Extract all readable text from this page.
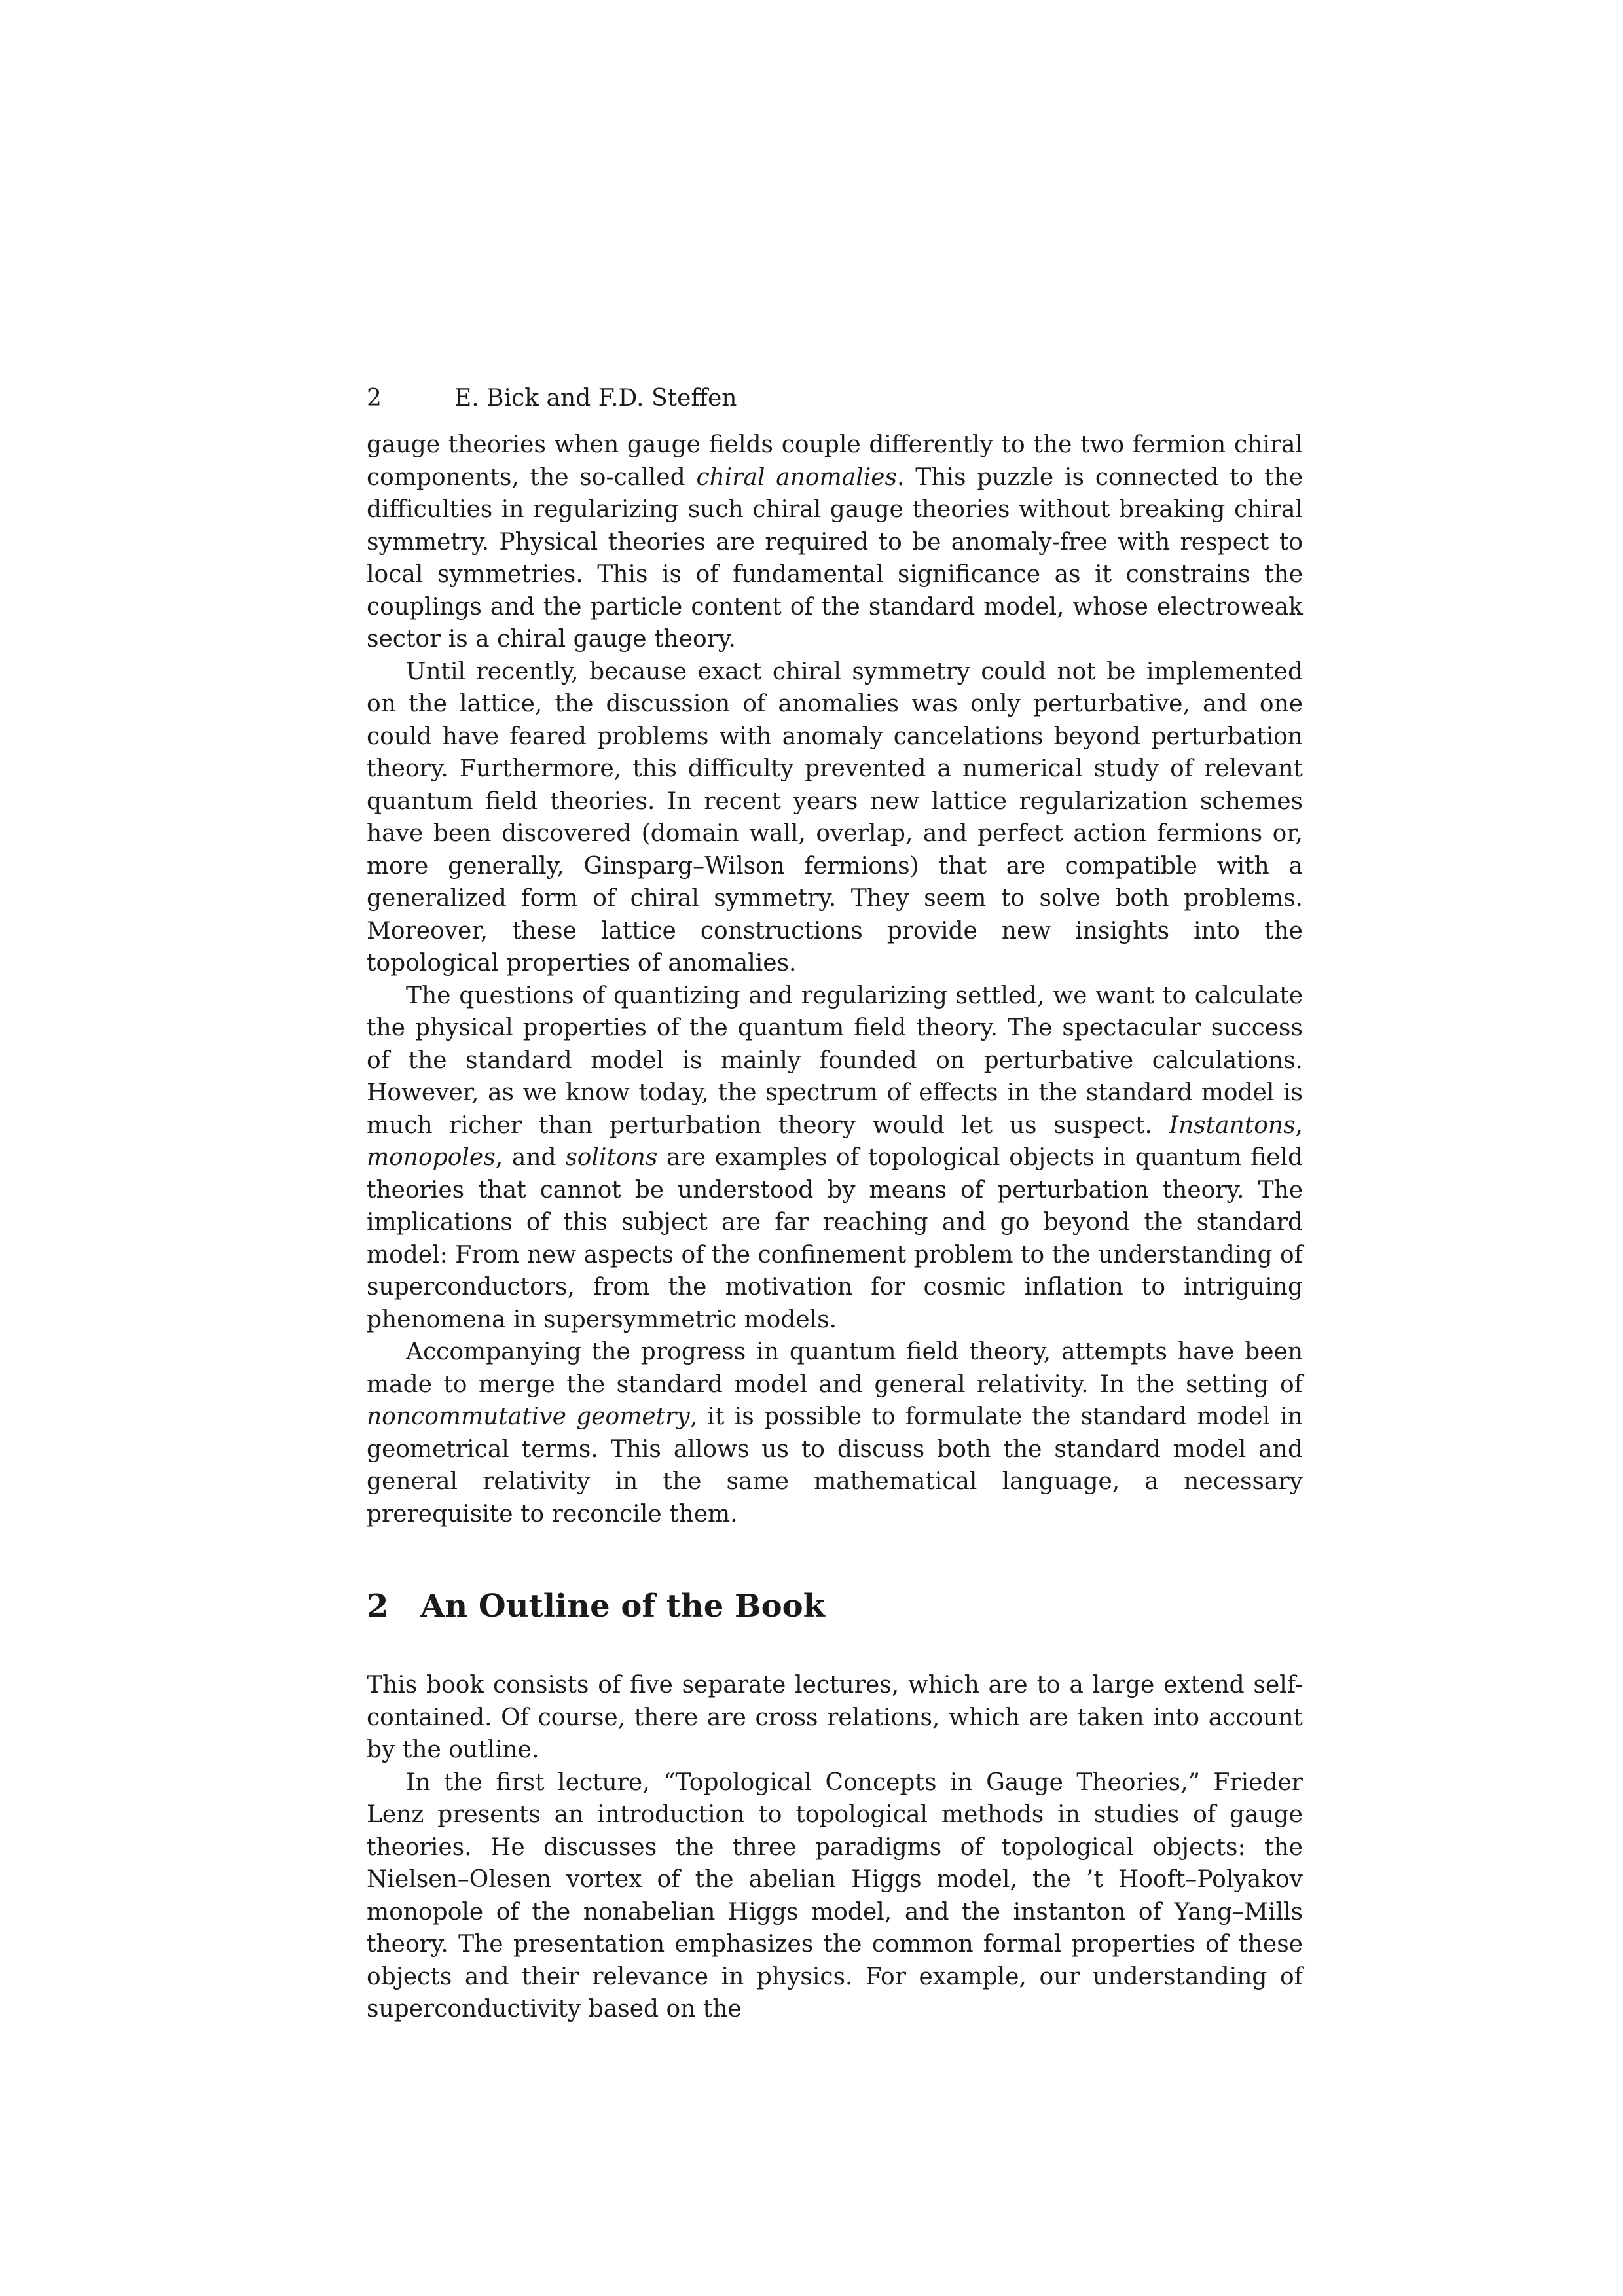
2	E. Bick and F.D. Steffen

gauge theories when gauge fields couple differently to the two fermion chiral components, the so-called chiral anomalies. This puzzle is connected to the difficulties in regularizing such chiral gauge theories without breaking chiral symmetry. Physical theories are required to be anomaly-free with respect to local symmetries. This is of fundamental significance as it constrains the couplings and the particle content of the standard model, whose electroweak sector is a chiral gauge theory.

Until recently, because exact chiral symmetry could not be implemented on the lattice, the discussion of anomalies was only perturbative, and one could have feared problems with anomaly cancelations beyond perturbation theory. Furthermore, this difficulty prevented a numerical study of relevant quantum field theories. In recent years new lattice regularization schemes have been discovered (domain wall, overlap, and perfect action fermions or, more generally, Ginsparg–Wilson fermions) that are compatible with a generalized form of chiral symmetry. They seem to solve both problems. Moreover, these lattice constructions provide new insights into the topological properties of anomalies.

The questions of quantizing and regularizing settled, we want to calculate the physical properties of the quantum field theory. The spectacular success of the standard model is mainly founded on perturbative calculations. However, as we know today, the spectrum of effects in the standard model is much richer than perturbation theory would let us suspect. Instantons, monopoles, and solitons are examples of topological objects in quantum field theories that cannot be understood by means of perturbation theory. The implications of this subject are far reaching and go beyond the standard model: From new aspects of the confinement problem to the understanding of superconductors, from the motivation for cosmic inflation to intriguing phenomena in supersymmetric models.

Accompanying the progress in quantum field theory, attempts have been made to merge the standard model and general relativity. In the setting of noncommutative geometry, it is possible to formulate the standard model in geometrical terms. This allows us to discuss both the standard model and general relativity in the same mathematical language, a necessary prerequisite to reconcile them.

2 An Outline of the Book

This book consists of five separate lectures, which are to a large extend self-contained. Of course, there are cross relations, which are taken into account by the outline.

In the first lecture, “Topological Concepts in Gauge Theories,” Frieder Lenz presents an introduction to topological methods in studies of gauge theories. He discusses the three paradigms of topological objects: the Nielsen–Olesen vortex of the abelian Higgs model, the ’t Hooft–Polyakov monopole of the nonabelian Higgs model, and the instanton of Yang–Mills theory. The presentation emphasizes the common formal properties of these objects and their relevance in physics. For example, our understanding of superconductivity based on the
